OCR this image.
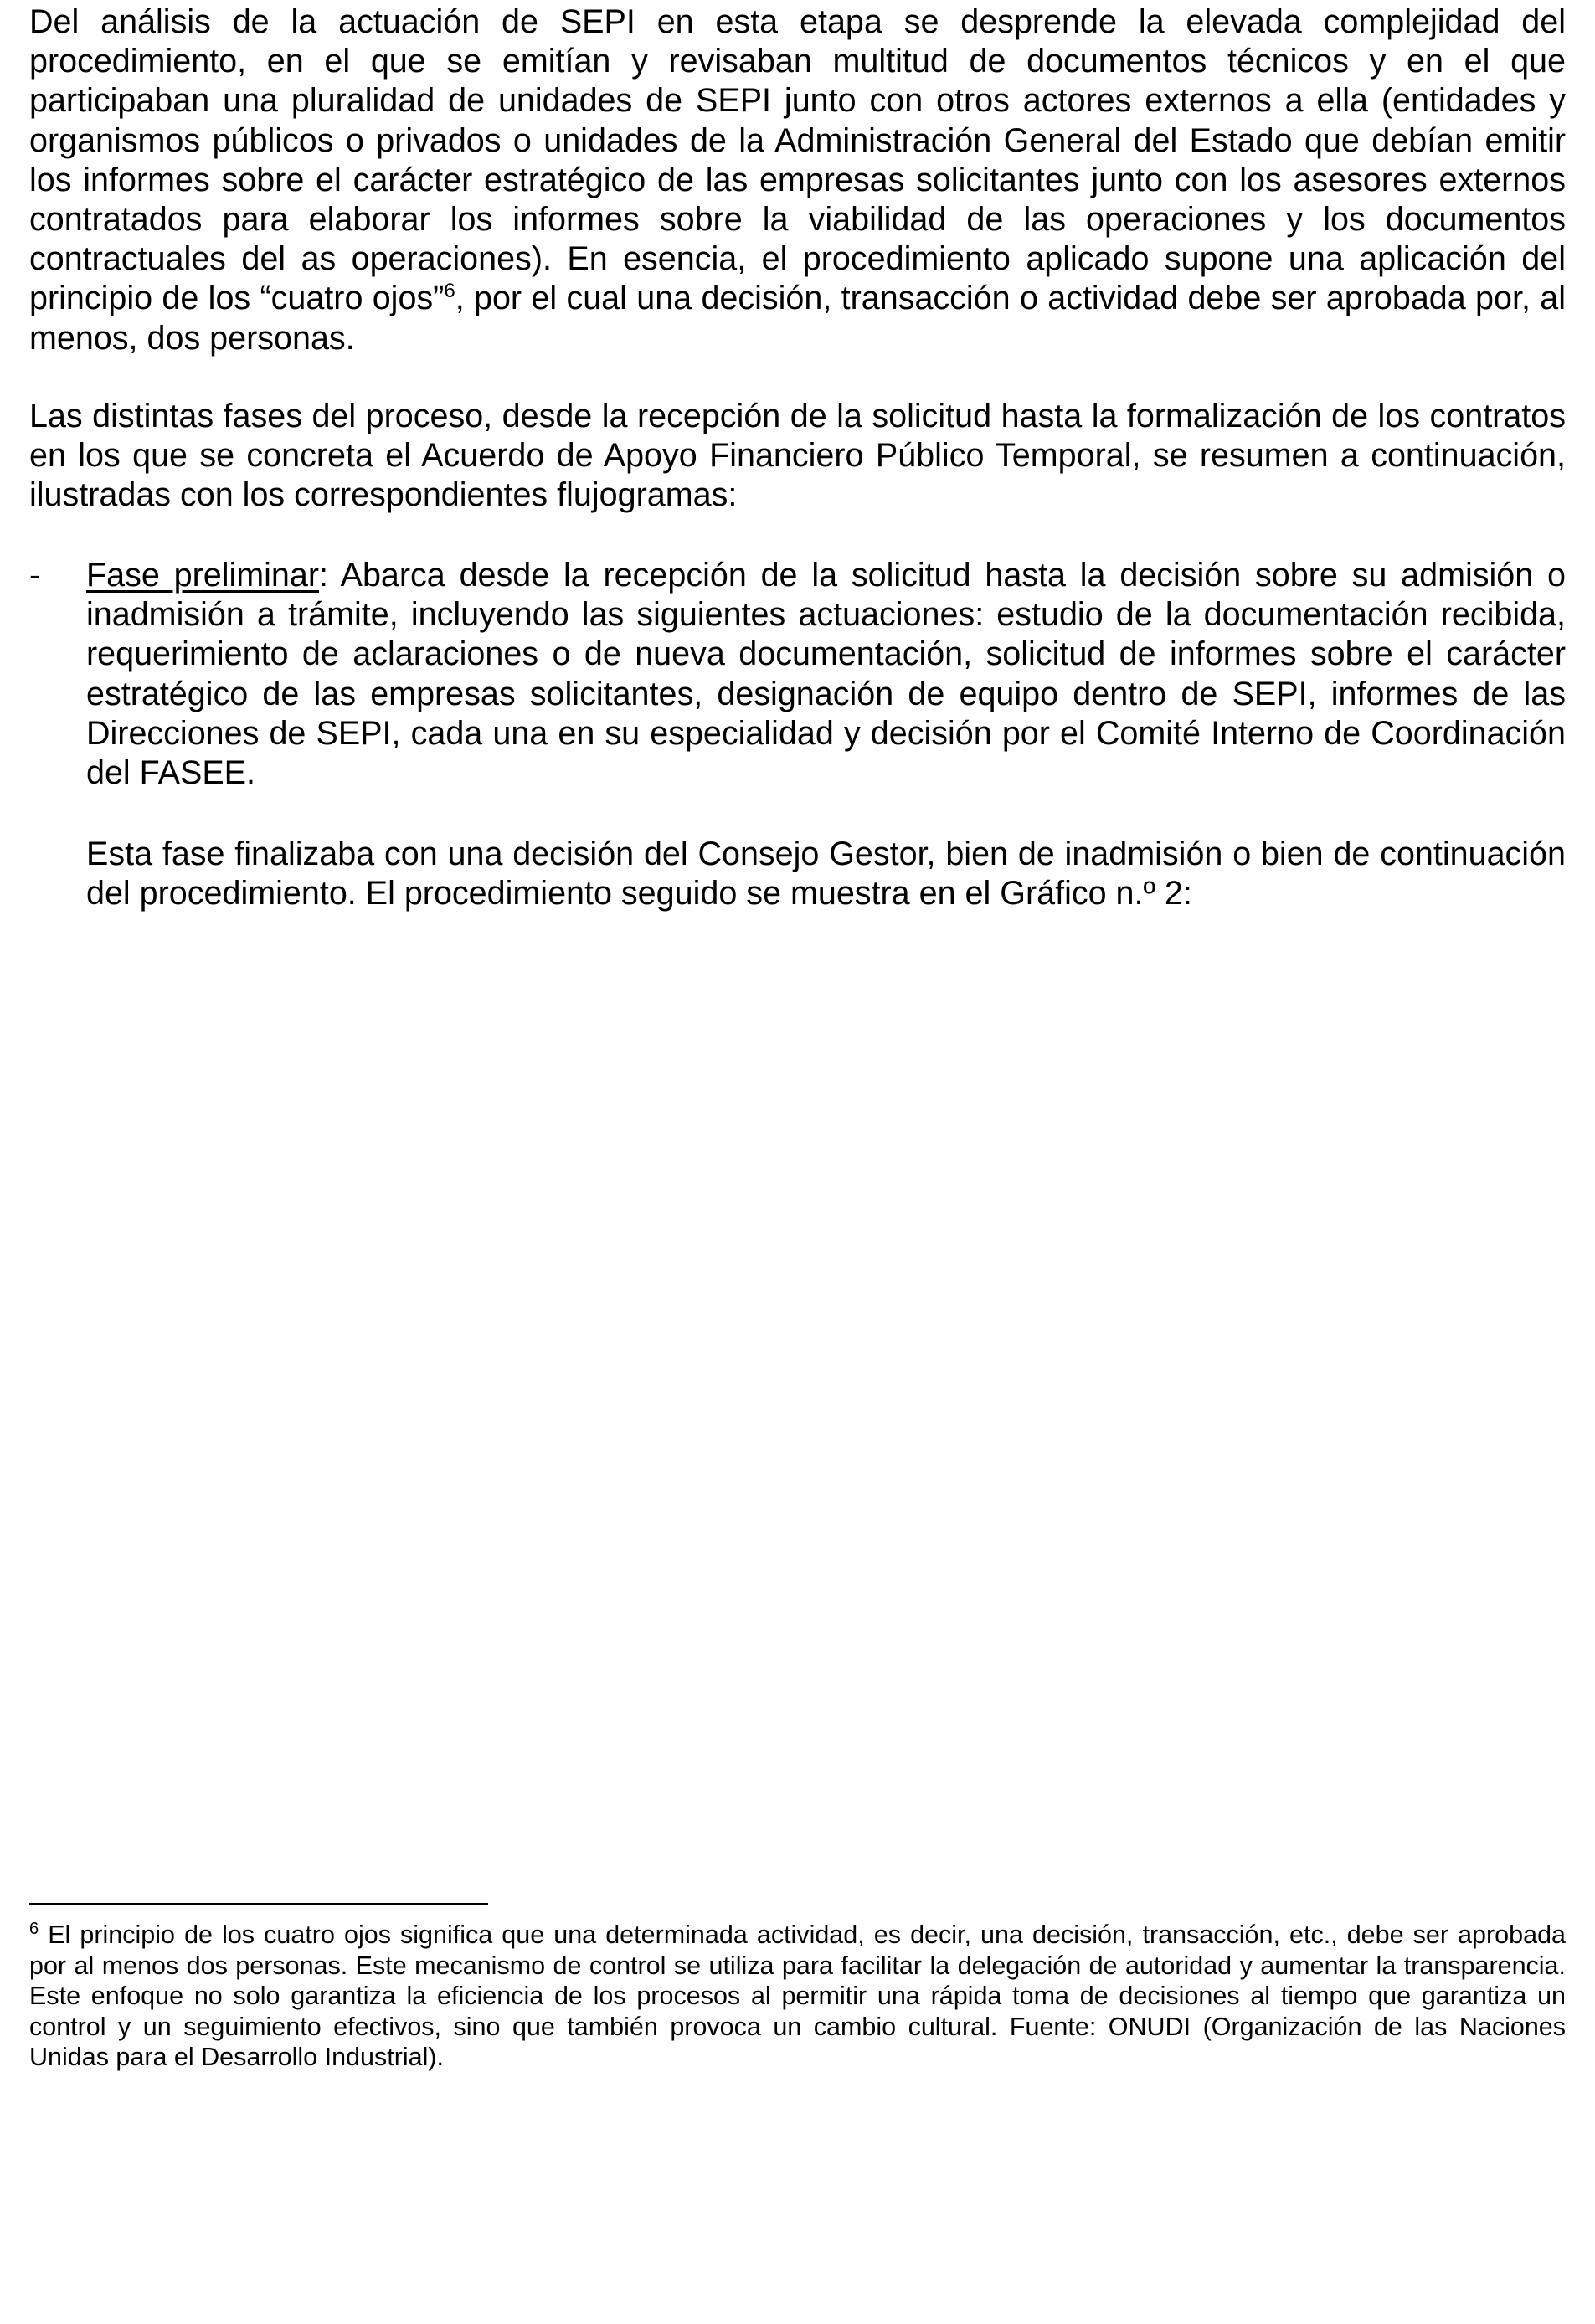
Del análisis de la actuación de SEPI en esta etapa se desprende la elevada complejidad del procedimiento, en el que se emitían y revisaban multitud de documentos técnicos y en el que participaban una pluralidad de unidades de SEPI junto con otros actores externos a ella (entidades y organismos públicos o privados o unidades de la Administración General del Estado que debían emitir los informes sobre el carácter estratégico de las empresas solicitantes junto con los asesores externos contratados para elaborar los informes sobre la viabilidad de las operaciones y los documentos contractuales del as operaciones). En esencia, el procedimiento aplicado supone una aplicación del principio de los “cuatro ojos”$^6$, por el cual una decisión, transacción o actividad debe ser aprobada por, al menos, dos personas.

Las distintas fases del proceso, desde la recepción de la solicitud hasta la formalización de los contratos en los que se concreta el Acuerdo de Apoyo Financiero Público Temporal, se resumen a continuación, ilustradas con los correspondientes flujogramas:

-	Fase preliminar: Abarca desde la recepción de la solicitud hasta la decisión sobre su admisión o inadmisión a trámite, incluyendo las siguientes actuaciones: estudio de la documentación recibida, requerimiento de aclaraciones o de nueva documentación, solicitud de informes sobre el carácter estratégico de las empresas solicitantes, designación de equipo dentro de SEPI, informes de las Direcciones de SEPI, cada una en su especialidad y decisión por el Comité Interno de Coordinación del FASEE.

Esta fase finalizaba con una decisión del Consejo Gestor, bien de inadmisión o bien de continuación del procedimiento. El procedimiento seguido se muestra en el Gráfico n.º 2:

$^6$ El principio de los cuatro ojos significa que una determinada actividad, es decir, una decisión, transacción, etc., debe ser aprobada por al menos dos personas. Este mecanismo de control se utiliza para facilitar la delegación de autoridad y aumentar la transparencia. Este enfoque no solo garantiza la eficiencia de los procesos al permitir una rápida toma de decisiones al tiempo que garantiza un control y un seguimiento efectivos, sino que también provoca un cambio cultural. Fuente: ONUDI (Organización de las Naciones Unidas para el Desarrollo Industrial).
